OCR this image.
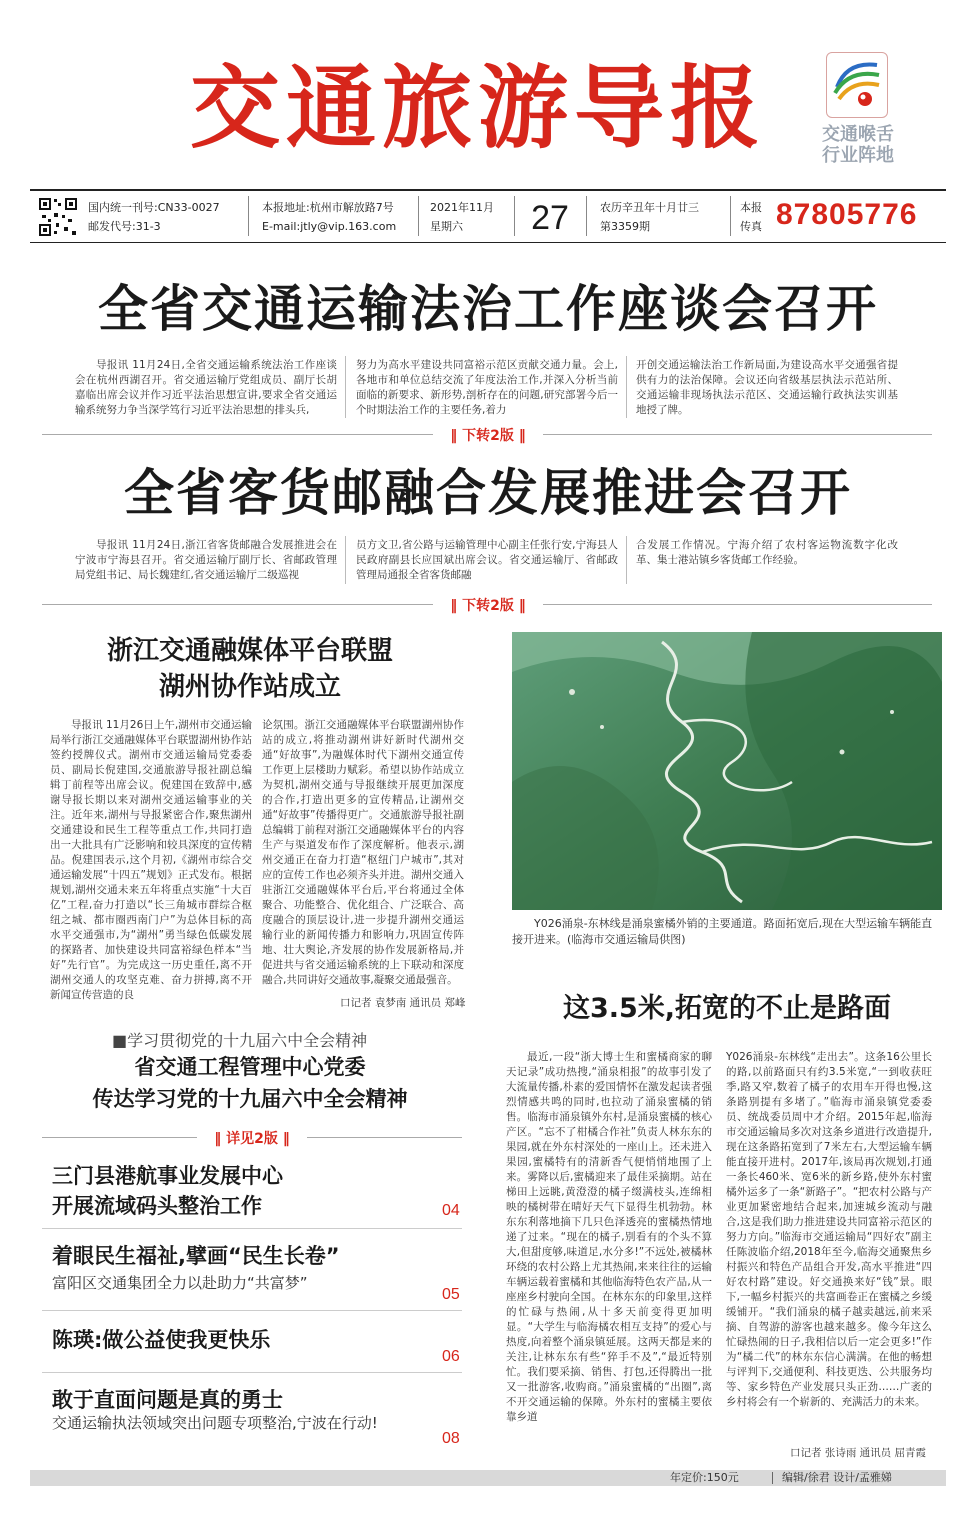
交通旅游导报	交通喉舌
行业阵地
国内统一刊号:CN33-0027
邮发代号:31-3
本报地址:杭州市解放路7号
E-mail:jtly@vip.163.com
2021年11月
星期六	27	农历辛丑年十月廿三
第3359期
本报
传真 87805776
全省交通运输法治工作座谈会召开
导报讯 11月24日,全省交通运输系统法治工作座谈会在杭州西湖召开。省交通运输厅党组成员、副厅长胡嘉临出席会议并作习近平法治思想宣讲,要求全省交通运输系统努力争当深学笃行习近平法治思想的排头兵,
努力为高水平建设共同富裕示范区贡献交通力量。会上,各地市和单位总结交流了年度法治工作,并深入分析当前面临的新要求、新形势,剖析存在的问题,研究部署今后一个时期法治工作的主要任务,着力
开创交通运输法治工作新局面,为建设高水平交通强省提供有力的法治保障。会议还向省级基层执法示范站所、交通运输非现场执法示范区、交通运输行政执法实训基地授了牌。
‖ 下转2版 ‖
全省客货邮融合发展推进会召开
导报讯 11月24日,浙江省客货邮融合发展推进会在宁波市宁海县召开。省交通运输厅副厅长、省邮政管理局党组书记、局长魏建红,省交通运输厅二级巡视
员方文卫,省公路与运输管理中心副主任张行安,宁海县人民政府副县长应国斌出席会议。省交通运输厅、省邮政管理局通报全省客货邮融
合发展工作情况。宁海介绍了农村客运物流数字化改革、集士港站镇乡客货邮工作经验。
‖ 下转2版 ‖
浙江交通融媒体平台联盟
湖州协作站成立
导报讯 11月26日上午,湖州市交通运输局举行浙江交通融媒体平台联盟湖州协作站签约授牌仪式。湖州市交通运输局党委委员、副局长倪建国,交通旅游导报社副总编辑丁前程等出席会议。倪建国在致辞中,感谢导报长期以来对湖州交通运输事业的关注。近年来,湖州与导报紧密合作,聚焦湖州交通建设和民生工程等重点工作,共同打造出一大批具有广泛影响和较具深度的宣传精品。倪建国表示,这个月初,《湖州市综合交通运输发展“十四五”规划》正式发布。根据规划,湖州交通未来五年将重点实施“十大百亿”工程,奋力打造以“长三角城市群综合枢纽之城、都市圈西南门户”为总体目标的高水平交通强市,为“湖州”勇当绿色低碳发展的探路者、加快建设共同富裕绿色样本“当好”先行官”。为完成这一历史重任,离不开湖州交通人的攻坚克难、奋力拼搏,离不开新闻宣传营造的良
论氛围。浙江交通融媒体平台联盟湖州协作站的成立,将推动湖州讲好新时代湖州交通“好故事”,为融媒体时代下湖州交通宣传工作更上层楼助力赋彩。希望以协作站成立为契机,湖州交通与导报继续开展更加深度的合作,打造出更多的宣传精品,让湖州交通“好故事”传播得更广。交通旅游导报社副总编辑丁前程对浙江交通融媒体平台的内容生产与渠道发布作了深度解析。他表示,湖州交通正在奋力打造“枢纽门户城市”,其对应的宣传工作也必须齐头并进。湖州交通入驻浙江交通融媒体平台后,平台将通过全体聚合、功能整合、优化组合、广泛联合、高度融合的顶层设计,进一步提升湖州交通运输行业的新闻传播力和影响力,巩固宣传阵地、壮大舆论,齐发展的协作发展新格局,并促进共与省交通运输系统的上下联动和深度融合,共同讲好交通故事,凝聚交通最强音。
口记者 袁梦南 通讯员 郑峰
Y026涌泉-东林线是涌泉蜜橘外销的主要通道。路面拓宽后,现在大型运输车辆能直接开进来。(临海市交通运输局供图)
这3.5米,拓宽的不止是路面
最近,一段“浙大博士生和蜜橘商家的聊天记录”成功热搜,“涌泉相报”的故事引发了大流量传播,朴素的爱国情怀在激发起读者强烈情感共鸣的同时,也拉动了涌泉蜜橘的销售。临海市涌泉镇外东村,是涌泉蜜橘的核心产区。“忘不了柑橘合作社”负责人林东东的果园,就在外东村深处的一座山上。还未进入果园,蜜橘特有的清新香气便悄悄地围了上来。雾降以后,蜜橘迎来了最佳采摘期。站在梯田上远眺,黄澄澄的橘子缀满枝头,连绵相映的橘树带在晴好天气下显得生机勃勃。林东东利落地摘下几只色泽透亮的蜜橘热情地递了过来。“现在的橘子,别看有的个头不算大,但甜度够,味道足,水分多!”不远处,被橘林环绕的农村公路上尤其热闹,来来往往的运输车辆运载着蜜橘和其他临海特色农产品,从一座座乡村驶向全国。在林东东的印象里,这样的忙碌与热闹,从十多天前变得更加明显。“大学生与临海橘农相互支持”的爱心与热度,向着整个涌泉镇延展。这两天都是来的关注,让林东东有些“猝手不及”,“最近特别忙。我们要采摘、销售、打包,还得腾出一批又一批游客,收购商。”涌泉蜜橘的“出圈”,离不开交通运输的保障。外东村的蜜橘主要依靠乡道
Y026涌泉-东林线“走出去”。这条16公里长的路,以前路面只有约3.5米宽,“一到收获旺季,路又窄,数着了橘子的农用车开得也慢,这条路别提有多堵了。”临海市涌泉镇党委委员、统战委员周中才介绍。2015年起,临海市交通运输局多次对这条乡道进行改造提升,现在这条路拓宽到了7米左右,大型运输车辆能直接开进村。2017年,该局再次规划,打通一条长460米、宽6米的新乡路,使外东村蜜橘外运多了一条“新路子”。“把农村公路与产业更加紧密地结合起来,加速城乡流动与融合,这是我们助力推进建设共同富裕示范区的努力方向。”临海市交通运输局“四好农”副主任陈波临介绍,2018年至今,临海交通聚焦乡村振兴和特色产品组合开发,高水平推进“四好农村路”建设。好交通换来好“钱”景。眼下,一幅乡村振兴的共富画卷正在蜜橘之乡缓缓铺开。“我们涌泉的橘子越卖越远,前来采摘、自驾游的游客也越来越多。像今年这么忙碌热闹的日子,我相信以后一定会更多!”作为“橘二代”的林东东信心满满。在他的畅想与评判下,交通便利、科技更迭、公共服务均等、家乡特色产业发展只头正劲……广袤的乡村将会有一个崭新的、充满活力的未来。
口记者 张诗雨 通讯员 屈青霞
■学习贯彻党的十九届六中全会精神
省交通工程管理中心党委
传达学习党的十九届六中全会精神
‖ 详见2版 ‖
三门县港航事业发展中心
开展流域码头整治工作	04
着眼民生福祉,擘画“民生长卷”
富阳区交通集团全力以赴助力“共富梦”
05
陈瑛:做公益使我更快乐
06
敢于直面问题是真的勇士
交通运输执法领域突出问题专项整治,宁波在行动!
08
年定价:150元	编辑/徐君 设计/孟雅娣
